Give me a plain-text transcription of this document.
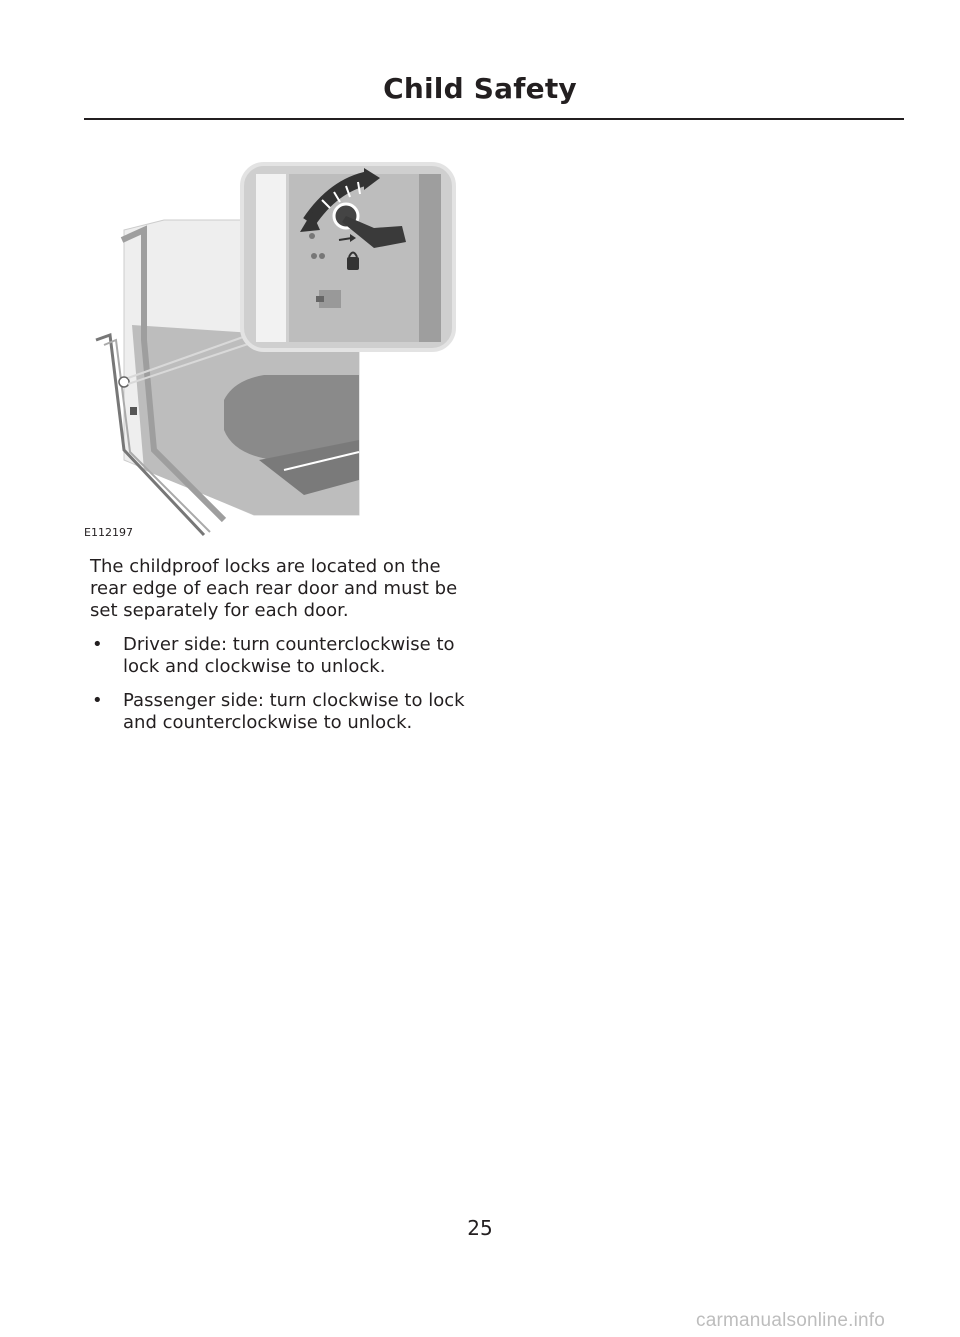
Child Safety
E112197

The childproof locks are located on the rear edge of each rear door and must be set separately for each door.

• Driver side: turn counterclockwise to lock and clockwise to unlock.
• Passenger side: turn clockwise to lock and counterclockwise to unlock.
25
carmanualsonline.info
